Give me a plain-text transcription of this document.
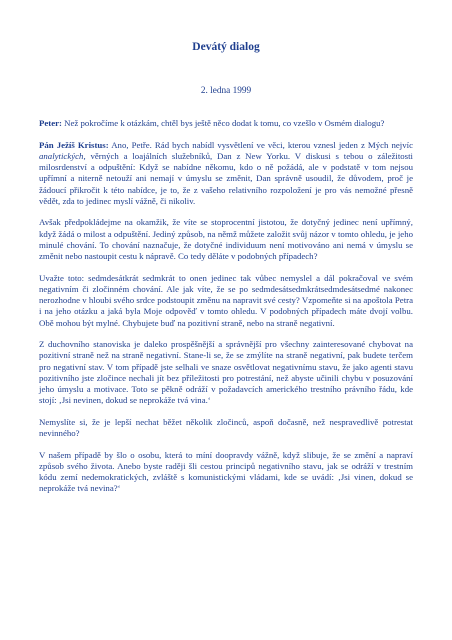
Devátý dialog

2. ledna 1999

Peter: Než pokročíme k otázkám, chtěl bys ještě něco dodat k tomu, co vzešlo v Osmém dialogu?

Pán Ježíš Kristus: Ano, Petře. Rád bych nabídl vysvětlení ve věci, kterou vznesl jeden z Mých nejvíc analytických, věrných a loajálních služebníků, Dan z New Yorku. V diskusi s tebou o záležitosti milosrdenství a odpuštění: Když se nabídne někomu, kdo o ně požádá, ale v podstatě v tom nejsou upřímní a niterně netouží ani nemají v úmyslu se změnit, Dan správně usoudil, že důvodem, proč je žádoucí přikročit k této nabídce, je to, že z vašeho relativního rozpoložení je pro vás nemožné přesně vědět, zda to jedinec myslí vážně, či nikoliv.

Avšak předpokládejme na okamžik, že víte se stoprocentní jistotou, že dotyčný jedinec není upřímný, když žádá o milost a odpuštění. Jediný způsob, na němž můžete založit svůj názor v tomto ohledu, je jeho minulé chování. To chování naznačuje, že dotyčné individuum není motivováno ani nemá v úmyslu se změnit nebo nastoupit cestu k nápravě. Co tedy děláte v podobných případech?

Uvažte toto: sedmdesátkrát sedmkrát to onen jedinec tak vůbec nemyslel a dál pokračoval ve svém negativním či zločinném chování. Ale jak víte, že se po sedmdesátsedmkrátsedmdesátsedmé nakonec nerozhodne v hloubi svého srdce podstoupit změnu na napravit své cesty? Vzpomeňte si na apoštola Petra i na jeho otázku a jaká byla Moje odpověď v tomto ohledu. V podobných případech máte dvojí volbu. Obě mohou být mylné. Chybujete buď na pozitivní straně, nebo na straně negativní.

Z duchovního stanoviska je daleko prospěšnější a správnější pro všechny zainteresované chybovat na pozitivní straně než na straně negativní. Stane-li se, že se zmýlíte na straně negativní, pak budete terčem pro negativní stav. V tom případě jste selhali ve snaze osvětlovat negativnímu stavu, že jako agenti stavu pozitivního jste zločince nechali jít bez příležitosti pro potrestání, než abyste učinili chybu v posuzování jeho úmyslu a motivace. Toto se pěkně odráží v požadavcích amerického trestního právního řádu, kde stojí: ‚Jsi nevinen, dokud se neprokáže tvá vina.‘

Nemyslíte si, že je lepší nechat běžet několik zločinců, aspoň dočasně, než nespravedlivě potrestat nevinného?

V našem případě by šlo o osobu, která to míní doopravdy vážně, když slibuje, že se změní a napraví způsob svého života. Anebo byste raději šli cestou principů negativního stavu, jak se odráží v trestním kódu zemí nedemokratických, zvláště s komunistickými vládami, kde se uvádí: ‚Jsi vinen, dokud se neprokáže tvá nevina?‘
